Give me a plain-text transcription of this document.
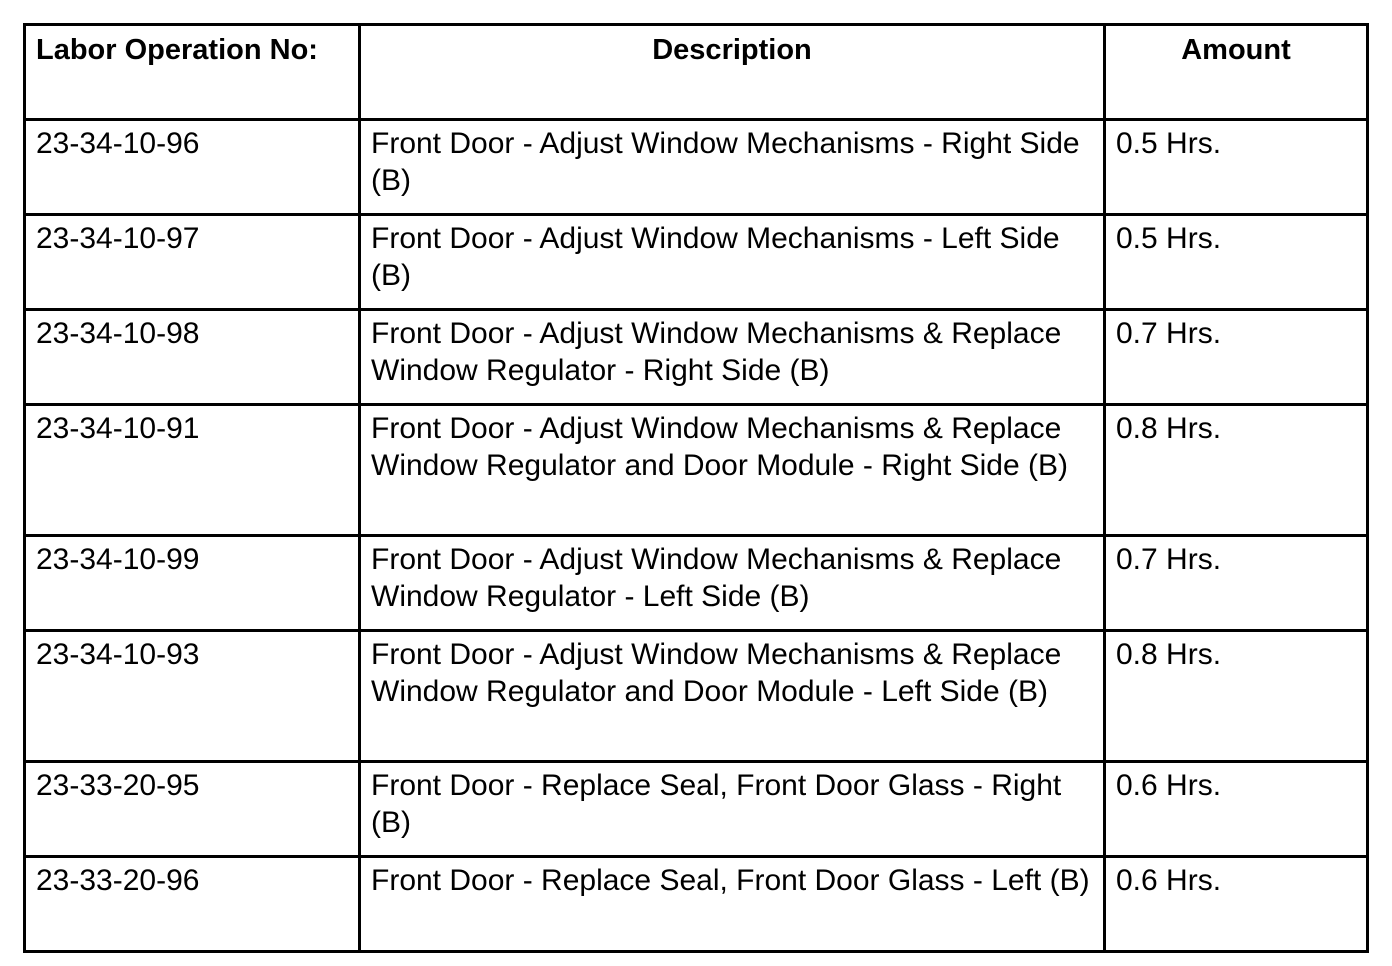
Labor Operation No:	Description	Amount
23-34-10-96	Front Door - Adjust Window Mechanisms - Right Side (B)	0.5 Hrs.
23-34-10-97	Front Door - Adjust Window Mechanisms - Left Side (B)	0.5 Hrs.
23-34-10-98	Front Door - Adjust Window Mechanisms & Replace Window Regulator - Right Side (B)	0.7 Hrs.
23-34-10-91	Front Door - Adjust Window Mechanisms & Replace Window Regulator and Door Module - Right Side (B)	0.8 Hrs.
23-34-10-99	Front Door - Adjust Window Mechanisms & Replace Window Regulator - Left Side (B)	0.7 Hrs.
23-34-10-93	Front Door - Adjust Window Mechanisms & Replace Window Regulator and Door Module - Left Side (B)	0.8 Hrs.
23-33-20-95	Front Door - Replace Seal, Front Door Glass - Right (B)	0.6 Hrs.
23-33-20-96	Front Door - Replace Seal, Front Door Glass - Left (B)	0.6 Hrs.
